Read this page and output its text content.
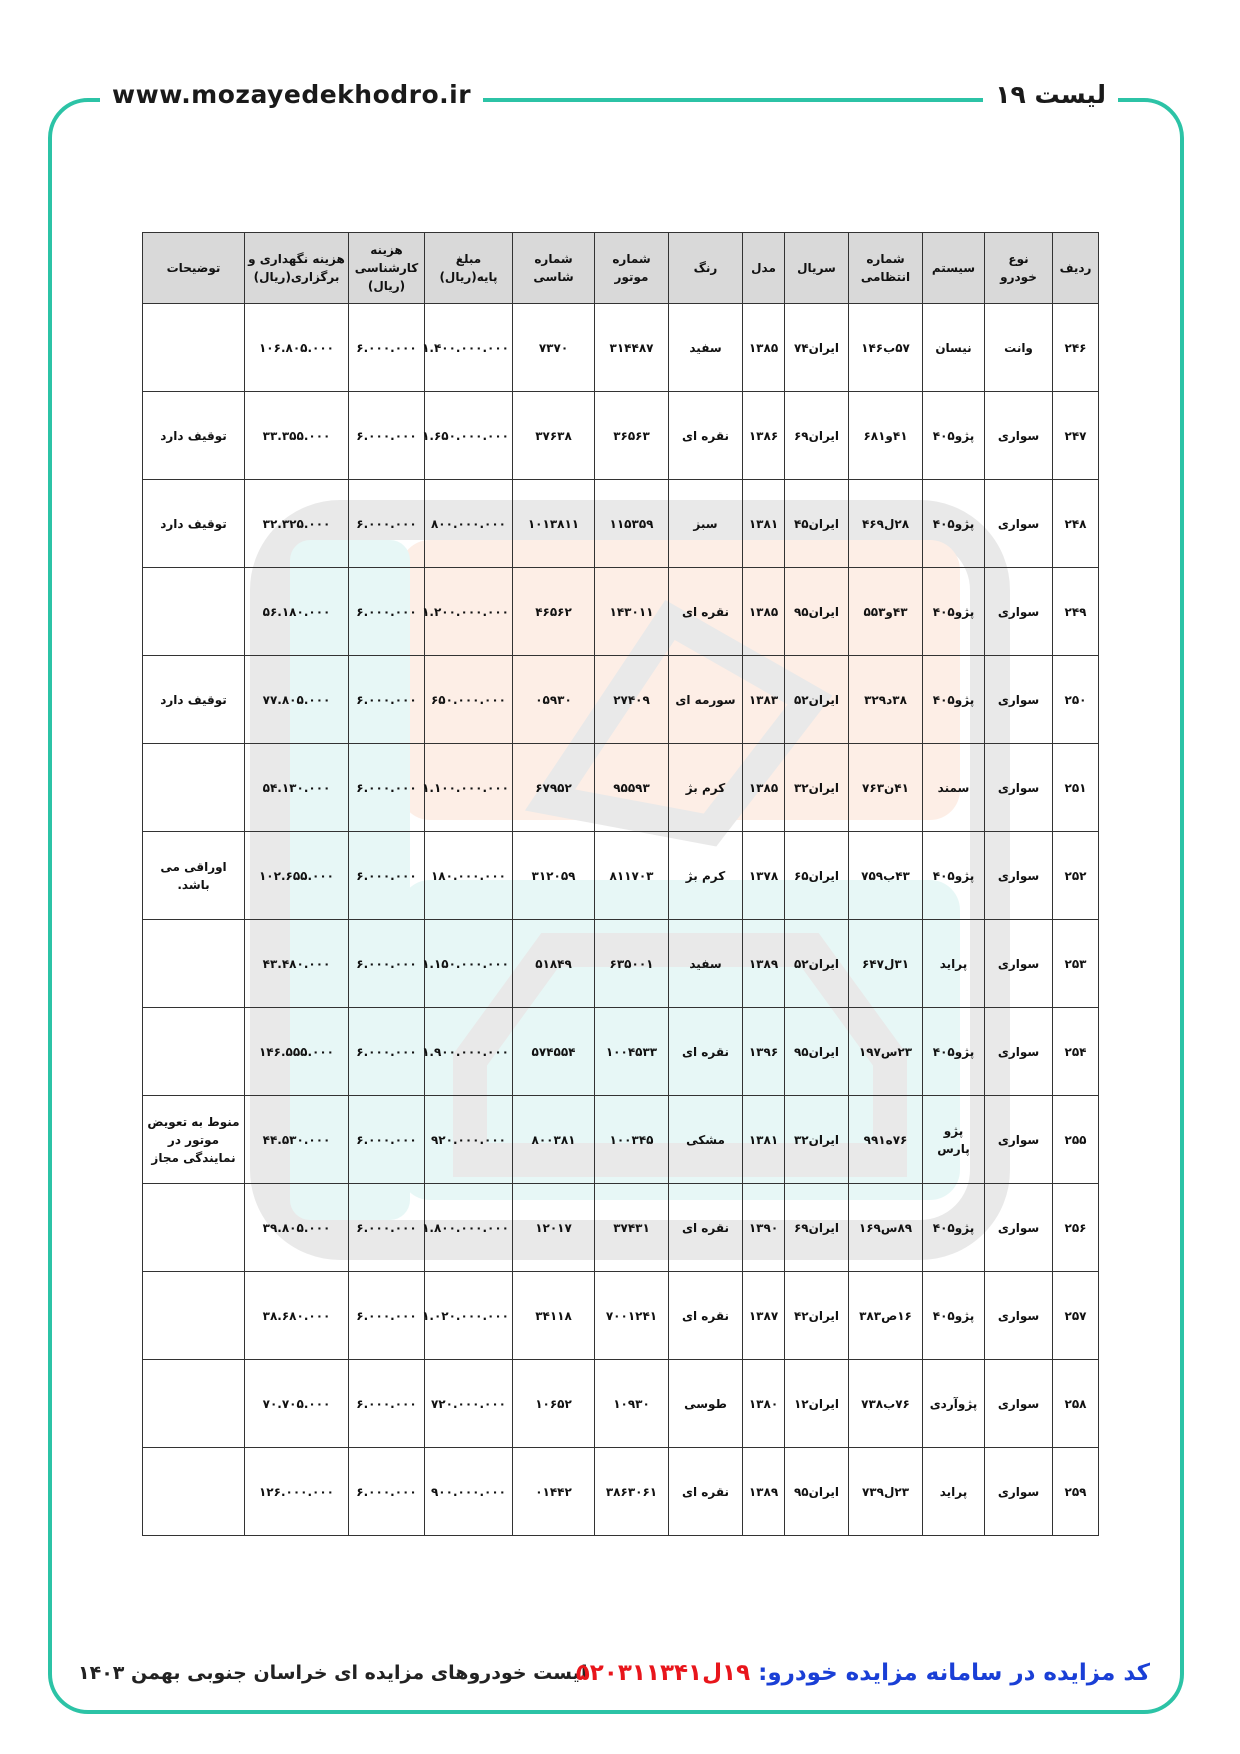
www.mozayedekhodro.ir	لیست ۱۹
ردیف	نوع خودرو	سیستم	شماره انتظامی	سریال	مدل	رنگ	شماره موتور	شماره شاسی	مبلغ پایه(ریال)	هزینه کارشناسی (ریال)	هزینه نگهداری و برگزاری(ریال)	توضیحات
۲۴۶	وانت	نیسان	۵۷ب۱۴۶	ایران۷۴	۱۳۸۵	سفید	۳۱۴۴۸۷	۷۳۷۰	۱.۴۰۰.۰۰۰.۰۰۰	۶.۰۰۰.۰۰۰	۱۰۶.۸۰۵.۰۰۰	
۲۴۷	سواری	پژو۴۰۵	۴۱و۶۸۱	ایران۶۹	۱۳۸۶	نقره ای	۳۶۵۶۳	۳۷۶۳۸	۱.۶۵۰.۰۰۰.۰۰۰	۶.۰۰۰.۰۰۰	۳۳.۳۵۵.۰۰۰	توقیف دارد
۲۴۸	سواری	پژو۴۰۵	۲۸ل۴۶۹	ایران۴۵	۱۳۸۱	سبز	۱۱۵۳۵۹	۱۰۱۳۸۱۱	۸۰۰.۰۰۰.۰۰۰	۶.۰۰۰.۰۰۰	۳۲.۳۲۵.۰۰۰	توقیف دارد
۲۴۹	سواری	پژو۴۰۵	۴۳و۵۵۳	ایران۹۵	۱۳۸۵	نقره ای	۱۴۳۰۱۱	۴۶۵۶۲	۱.۲۰۰.۰۰۰.۰۰۰	۶.۰۰۰.۰۰۰	۵۶.۱۸۰.۰۰۰	
۲۵۰	سواری	پژو۴۰۵	۳۸د۳۲۹	ایران۵۲	۱۳۸۳	سورمه ای	۲۷۴۰۹	۰۵۹۳۰	۶۵۰.۰۰۰.۰۰۰	۶.۰۰۰.۰۰۰	۷۷.۸۰۵.۰۰۰	توقیف دارد
۲۵۱	سواری	سمند	۴۱ن۷۶۳	ایران۳۲	۱۳۸۵	کرم بژ	۹۵۵۹۳	۶۷۹۵۲	۱.۱۰۰.۰۰۰.۰۰۰	۶.۰۰۰.۰۰۰	۵۴.۱۳۰.۰۰۰	
۲۵۲	سواری	پژو۴۰۵	۴۳ب۷۵۹	ایران۶۵	۱۳۷۸	کرم بژ	۸۱۱۷۰۳	۳۱۲۰۵۹	۱۸۰.۰۰۰.۰۰۰	۶.۰۰۰.۰۰۰	۱۰۲.۶۵۵.۰۰۰	اوراقی می باشد.
۲۵۳	سواری	پراید	۳۱ل۶۴۷	ایران۵۲	۱۳۸۹	سفید	۶۳۵۰۰۱	۵۱۸۴۹	۱.۱۵۰.۰۰۰.۰۰۰	۶.۰۰۰.۰۰۰	۴۳.۴۸۰.۰۰۰	
۲۵۴	سواری	پژو۴۰۵	۲۳س۱۹۷	ایران۹۵	۱۳۹۶	نقره ای	۱۰۰۴۵۳۳	۵۷۴۵۵۴	۱.۹۰۰.۰۰۰.۰۰۰	۶.۰۰۰.۰۰۰	۱۴۶.۵۵۵.۰۰۰	
۲۵۵	سواری	پژو پارس	۷۶ه۹۹۱	ایران۳۲	۱۳۸۱	مشکی	۱۰۰۳۴۵	۸۰۰۳۸۱	۹۲۰.۰۰۰.۰۰۰	۶.۰۰۰.۰۰۰	۴۴.۵۳۰.۰۰۰	منوط به تعویض موتور در نمایندگی مجاز
۲۵۶	سواری	پژو۴۰۵	۸۹س۱۶۹	ایران۶۹	۱۳۹۰	نقره ای	۳۷۴۳۱	۱۲۰۱۷	۱.۸۰۰.۰۰۰.۰۰۰	۶.۰۰۰.۰۰۰	۳۹.۸۰۵.۰۰۰	
۲۵۷	سواری	پژو۴۰۵	۱۶ص۳۸۳	ایران۴۲	۱۳۸۷	نقره ای	۷۰۰۱۲۴۱	۳۴۱۱۸	۱.۰۲۰.۰۰۰.۰۰۰	۶.۰۰۰.۰۰۰	۳۸.۶۸۰.۰۰۰	
۲۵۸	سواری	پژوآردی	۷۶ب۷۳۸	ایران۱۲	۱۳۸۰	طوسی	۱۰۹۳۰	۱۰۶۵۲	۷۲۰.۰۰۰.۰۰۰	۶.۰۰۰.۰۰۰	۷۰.۷۰۵.۰۰۰	
۲۵۹	سواری	پراید	۲۳ل۷۳۹	ایران۹۵	۱۳۸۹	نقره ای	۳۸۶۳۰۶۱	۰۱۴۴۲	۹۰۰.۰۰۰.۰۰۰	۶.۰۰۰.۰۰۰	۱۲۶.۰۰۰.۰۰۰	
لیست خودروهای مزایده ای خراسان جنوبی بهمن ۱۴۰۳	کد مزایده در سامانه مزایده خودرو: ۱۹ل۵۲۰۳۱۱۳۴۱
